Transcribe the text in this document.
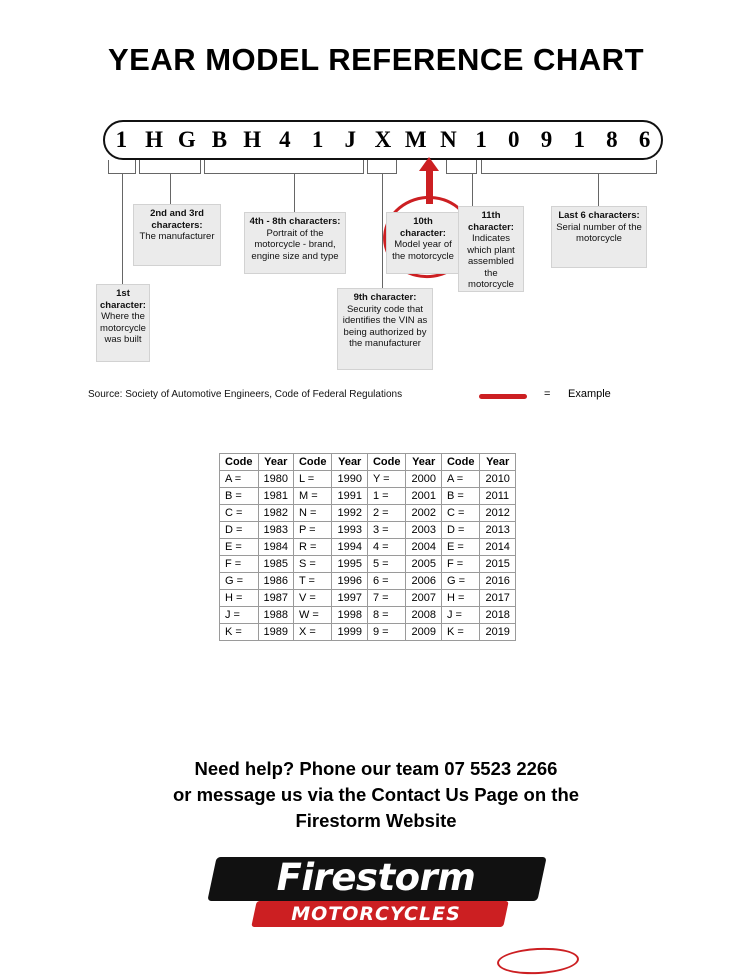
YEAR MODEL REFERENCE CHART
1 H G B H 4 1 J X M N 1 0 9 1 8 6
1st character:
Where the motorcycle was built
2nd and 3rd characters:
The manufacturer
4th - 8th characters:
Portrait of the motorcycle - brand, engine size and type
9th character:
Security code that identifies the VIN as being authorized by the manufacturer
10th character:
Model year of the motorcycle
11th character:
Indicates which plant assembled the motorcycle
Last 6 characters:
Serial number of the motorcycle
Source: Society of Automotive Engineers, Code of Federal Regulations	= Example
Code	Year	Code	Year	Code	Year	Code	Year
A =	1980	L =	1990	Y =	2000	A =	2010
B =	1981	M =	1991	1 =	2001	B =	2011
C =	1982	N =	1992	2 =	2002	C =	2012
D =	1983	P =	1993	3 =	2003	D =	2013
E =	1984	R =	1994	4 =	2004	E =	2014
F =	1985	S =	1995	5 =	2005	F =	2015
G =	1986	T =	1996	6 =	2006	G =	2016
H =	1987	V =	1997	7 =	2007	H =	2017
J =	1988	W =	1998	8 =	2008	J =	2018
K =	1989	X =	1999	9 =	2009	K =	2019
Need help? Phone our team 07 5523 2266
or message us via the Contact Us Page on the
Firestorm Website
Firestorm
MOTORCYCLES
